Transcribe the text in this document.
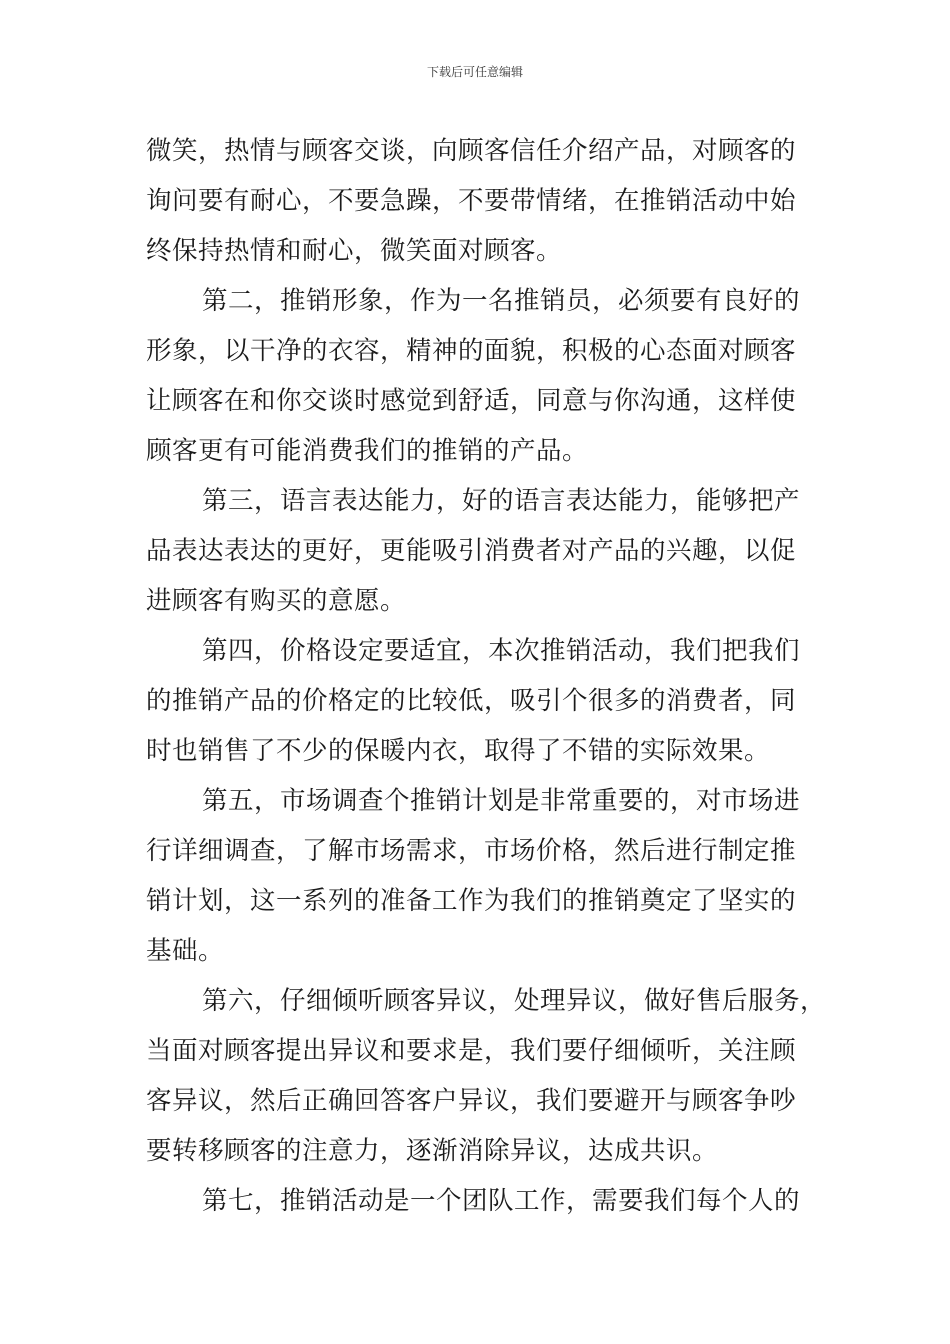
下载后可任意编辑
微笑，热情与顾客交谈，向顾客信任介绍产品，对顾客的
询问要有耐心，不要急躁，不要带情绪，在推销活动中始
终保持热情和耐心，微笑面对顾客。
第二，推销形象，作为一名推销员，必须要有良好的
形象，以干净的衣容，精神的面貌，积极的心态面对顾客
让顾客在和你交谈时感觉到舒适，同意与你沟通，这样使
顾客更有可能消费我们的推销的产品。
第三，语言表达能力，好的语言表达能力，能够把产
品表达表达的更好，更能吸引消费者对产品的兴趣，以促
进顾客有购买的意愿。
第四，价格设定要适宜，本次推销活动，我们把我们
的推销产品的价格定的比较低，吸引个很多的消费者，同
时也销售了不少的保暖内衣，取得了不错的实际效果。
第五，市场调查个推销计划是非常重要的，对市场进
行详细调查，了解市场需求，市场价格，然后进行制定推
销计划，这一系列的准备工作为我们的推销奠定了坚实的
基础。
第六，仔细倾听顾客异议，处理异议，做好售后服务，
当面对顾客提出异议和要求是，我们要仔细倾听，关注顾
客异议，然后正确回答客户异议，我们要避开与顾客争吵
要转移顾客的注意力，逐渐消除异议，达成共识。
第七，推销活动是一个团队工作，需要我们每个人的
